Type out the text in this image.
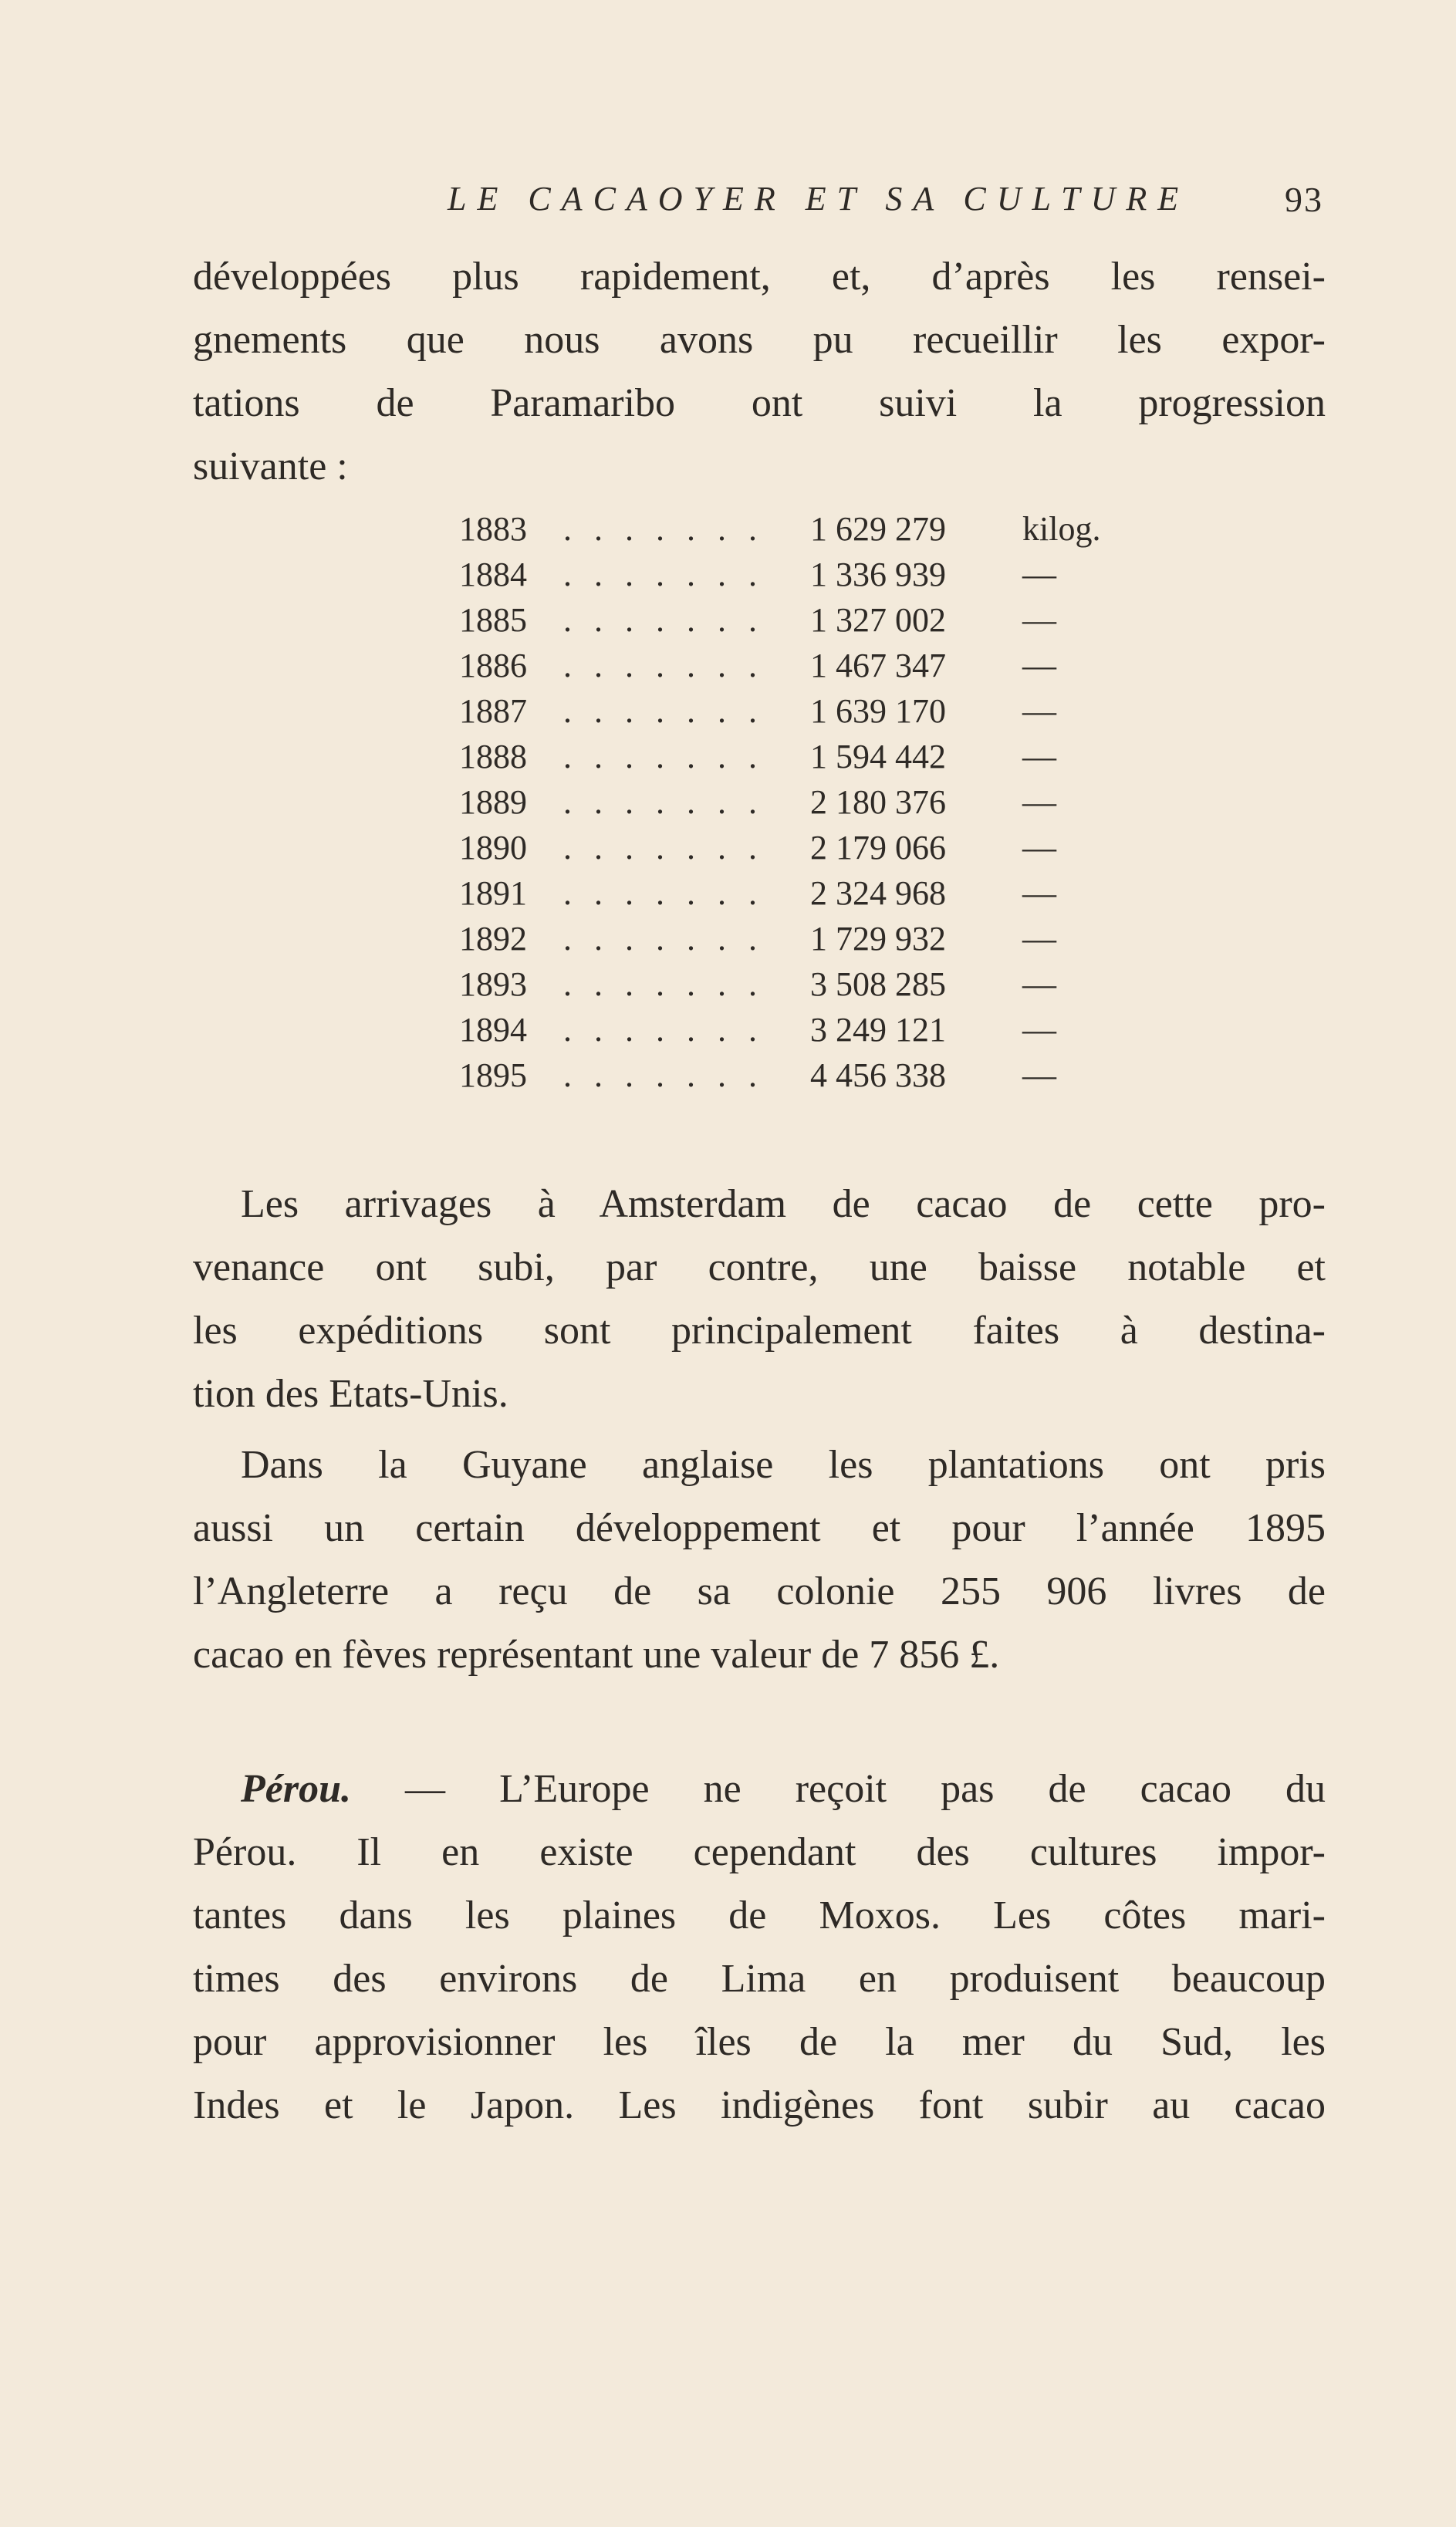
LE CACAOYER ET SA CULTURE	93
développées plus rapidement, et, d’après les rensei-
gnements que nous avons pu recueillir les expor-
tations de Paramaribo ont suivi la progression
suivante :
1883 . . . . . . . 1 629 279 kilog.
1884 . . . . . . . 1 336 939 —
1885 . . . . . . . 1 327 002 —
1886 . . . . . . . 1 467 347 —
1887 . . . . . . . 1 639 170 —
1888 . . . . . . . 1 594 442 —
1889 . . . . . . . 2 180 376 —
1890 . . . . . . . 2 179 066 —
1891 . . . . . . . 2 324 968 —
1892 . . . . . . . 1 729 932 —
1893 . . . . . . . 3 508 285 —
1894 . . . . . . . 3 249 121 —
1895 . . . . . . . 4 456 338 —
Les arrivages à Amsterdam de cacao de cette pro-
venance ont subi, par contre, une baisse notable et
les expéditions sont principalement faites à destina-
tion des Etats-Unis.
Dans la Guyane anglaise les plantations ont pris
aussi un certain développement et pour l’année 1895
l’Angleterre a reçu de sa colonie 255 906 livres de
cacao en fèves représentant une valeur de 7 856 £.
Pérou. — L’Europe ne reçoit pas de cacao du
Pérou. Il en existe cependant des cultures impor-
tantes dans les plaines de Moxos. Les côtes mari-
times des environs de Lima en produisent beaucoup
pour approvisionner les îles de la mer du Sud, les
Indes et le Japon. Les indigènes font subir au cacao
